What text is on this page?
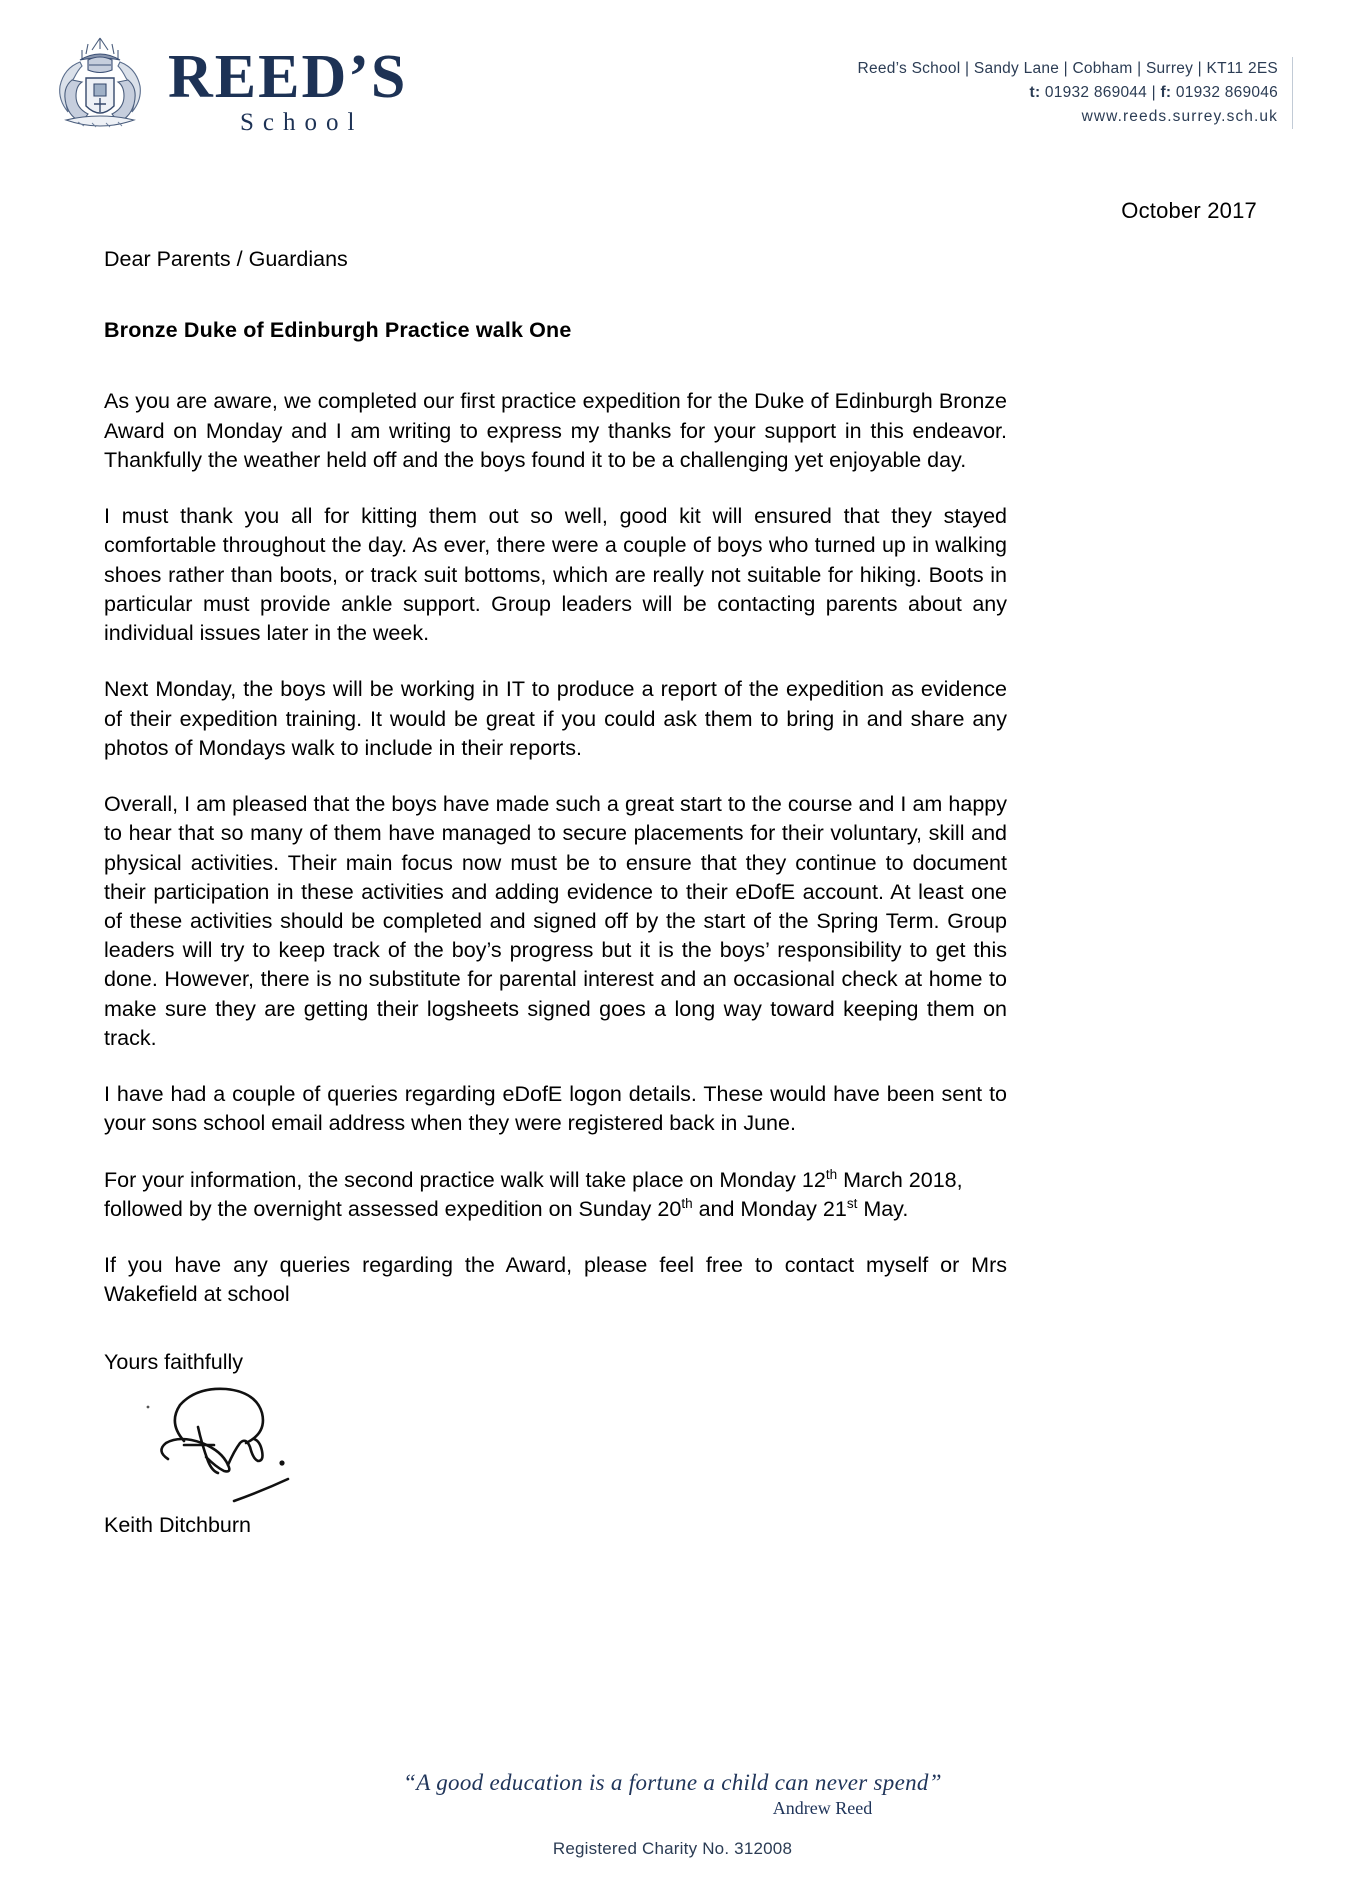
REED’S
School
Reed’s School | Sandy Lane | Cobham | Surrey | KT11 2ES
t: 01932 869044 | f: 01932 869046
www.reeds.surrey.sch.uk
October 2017

Dear Parents / Guardians

Bronze Duke of Edinburgh Practice walk One

As you are aware, we completed our first practice expedition for the Duke of Edinburgh Bronze Award on Monday and I am writing to express my thanks for your support in this endeavor. Thankfully the weather held off and the boys found it to be a challenging yet enjoyable day.

I must thank you all for kitting them out so well, good kit will ensured that they stayed comfortable throughout the day. As ever, there were a couple of boys who turned up in walking shoes rather than boots, or track suit bottoms, which are really not suitable for hiking. Boots in particular must provide ankle support. Group leaders will be contacting parents about any individual issues later in the week.

Next Monday, the boys will be working in IT to produce a report of the expedition as evidence of their expedition training. It would be great if you could ask them to bring in and share any photos of Mondays walk to include in their reports.

Overall, I am pleased that the boys have made such a great start to the course and I am happy to hear that so many of them have managed to secure placements for their voluntary, skill and physical activities. Their main focus now must be to ensure that they continue to document their participation in these activities and adding evidence to their eDofE account. At least one of these activities should be completed and signed off by the start of the Spring Term. Group leaders will try to keep track of the boy’s progress but it is the boys’ responsibility to get this done. However, there is no substitute for parental interest and an occasional check at home to make sure they are getting their logsheets signed goes a long way toward keeping them on track.

I have had a couple of queries regarding eDofE logon details. These would have been sent to your sons school email address when they were registered back in June.

For your information, the second practice walk will take place on Monday 12th March 2018, followed by the overnight assessed expedition on Sunday 20th and Monday 21st May.

If you have any queries regarding the Award, please feel free to contact myself or Mrs Wakefield at school

Yours faithfully

Keith Ditchburn

“A good education is a fortune a child can never spend”
Andrew Reed
Registered Charity No. 312008
